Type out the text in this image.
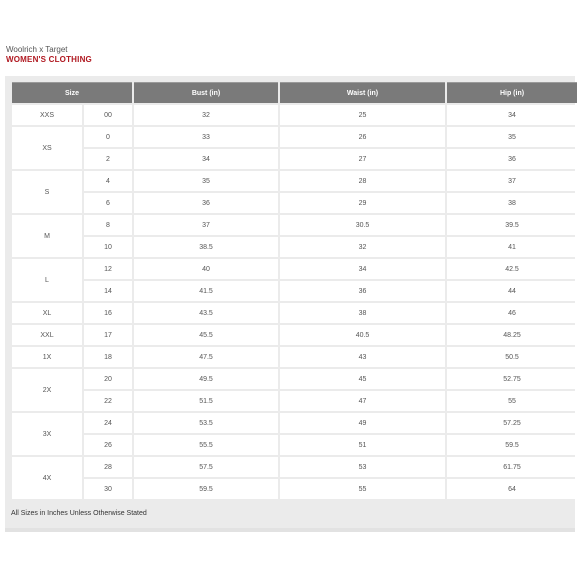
Woolrich x Target
WOMEN'S CLOTHING
Size		Bust (in)	Waist (in)	Hip (in)
XXS	00	32	25	34
XS	0	33	26	35
	2	34	27	36
S	4	35	28	37
	6	36	29	38
M	8	37	30.5	39.5
	10	38.5	32	41
L	12	40	34	42.5
	14	41.5	36	44
XL	16	43.5	38	46
XXL	17	45.5	40.5	48.25
1X	18	47.5	43	50.5
2X	20	49.5	45	52.75
	22	51.5	47	55
3X	24	53.5	49	57.25
	26	55.5	51	59.5
4X	28	57.5	53	61.75
	30	59.5	55	64
All Sizes in Inches Unless Otherwise Stated
